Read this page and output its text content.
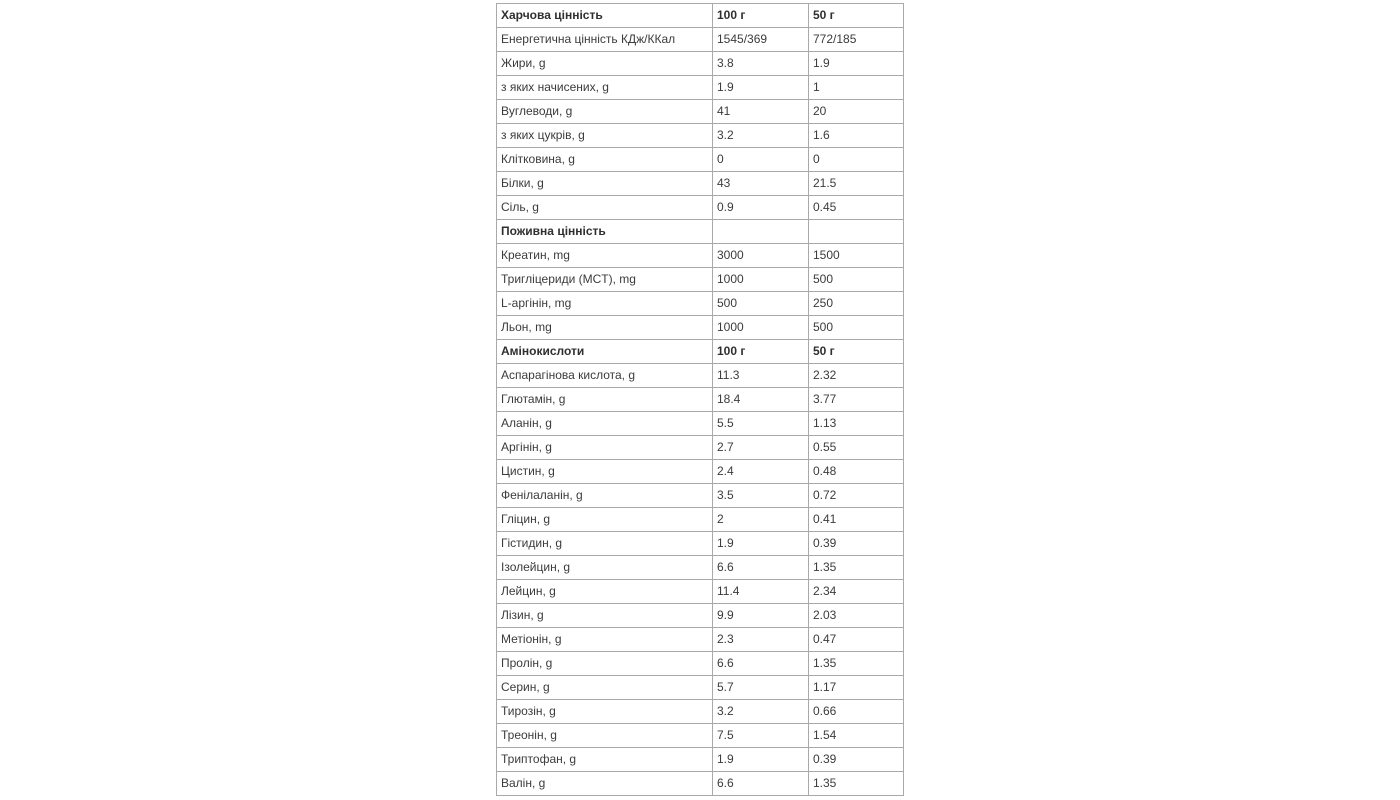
Харчова цінність	100 г	50 г
Енергетична цінність КДж/ККал	1545/369	772/185
Жири, g	3.8	1.9
з яких начисених, g	1.9	1
Вуглеводи, g	41	20
з яких цукрів, g	3.2	1.6
Клітковина, g	0	0
Білки, g	43	21.5
Сіль, g	0.9	0.45
Поживна цінність		
Креатин, mg	3000	1500
Тригліцериди (MCT), mg	1000	500
L-аргінін, mg	500	250
Льон, mg	1000	500
Амінокислоти	100 г	50 г
Аспарагінова кислота, g	11.3	2.32
Глютамін, g	18.4	3.77
Аланін, g	5.5	1.13
Аргінін, g	2.7	0.55
Цистин, g	2.4	0.48
Фенілаланін, g	3.5	0.72
Гліцин, g	2	0.41
Гістидин, g	1.9	0.39
Ізолейцин, g	6.6	1.35
Лейцин, g	11.4	2.34
Лізин, g	9.9	2.03
Метіонін, g	2.3	0.47
Пролін, g	6.6	1.35
Серин, g	5.7	1.17
Тирозін, g	3.2	0.66
Треонін, g	7.5	1.54
Триптофан, g	1.9	0.39
Валін, g	6.6	1.35
